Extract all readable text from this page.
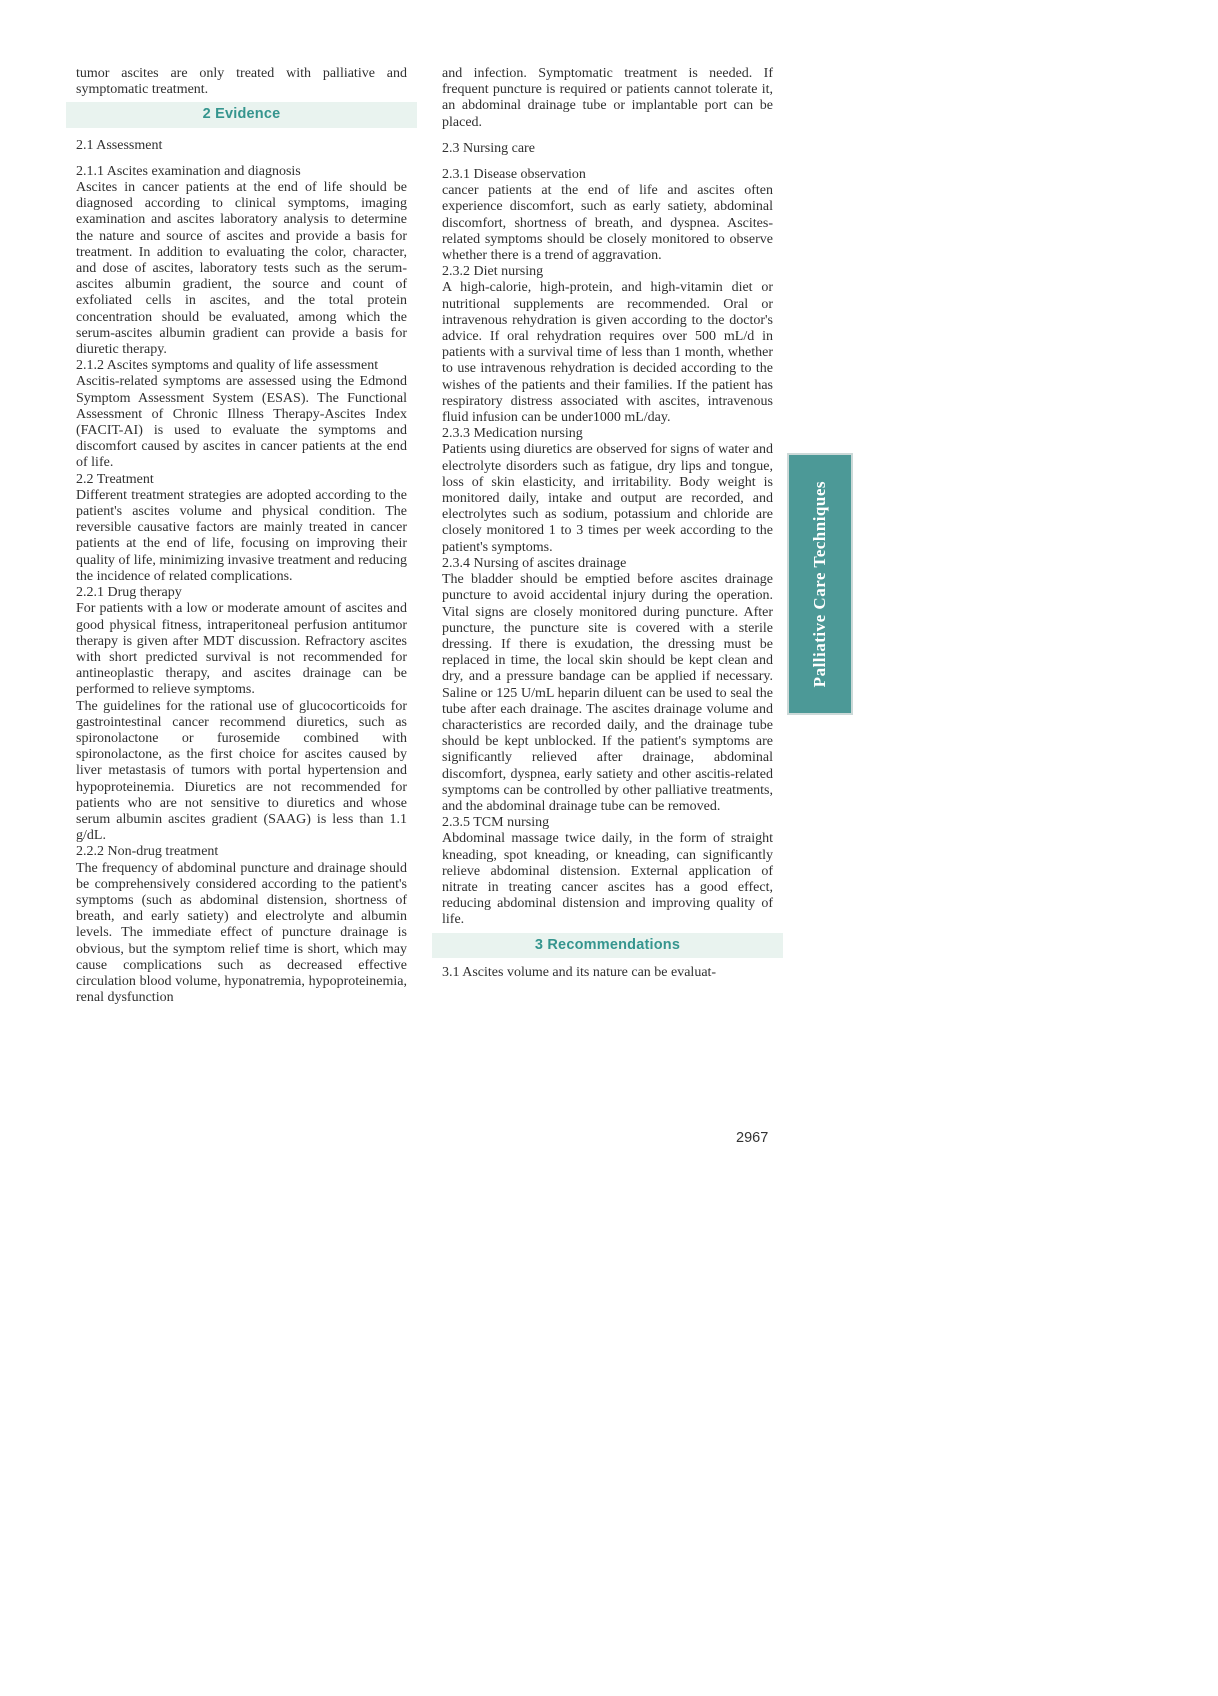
tumor ascites are only treated with palliative and symptomatic treatment.
2 Evidence
2.1 Assessment
2.1.1 Ascites examination and diagnosis
Ascites in cancer patients at the end of life should be diagnosed according to clinical symptoms, imaging examination and ascites laboratory analysis to determine the nature and source of ascites and provide a basis for treatment. In addition to evaluating the color, character, and dose of ascites, laboratory tests such as the serum-ascites albumin gradient, the source and count of exfoliated cells in ascites, and the total protein concentration should be evaluated, among which the serum-ascites albumin gradient can provide a basis for diuretic therapy.
2.1.2 Ascites symptoms and quality of life assessment
Ascitis-related symptoms are assessed using the Edmond Symptom Assessment System (ESAS). The Functional Assessment of Chronic Illness Therapy-Ascites Index (FACIT-AI) is used to evaluate the symptoms and discomfort caused by ascites in cancer patients at the end of life.
2.2 Treatment
Different treatment strategies are adopted according to the patient's ascites volume and physical condition. The reversible causative factors are mainly treated in cancer patients at the end of life, focusing on improving their quality of life, minimizing invasive treatment and reducing the incidence of related complications.
2.2.1 Drug therapy
For patients with a low or moderate amount of ascites and good physical fitness, intraperitoneal perfusion antitumor therapy is given after MDT discussion. Refractory ascites with short predicted survival is not recommended for antineoplastic therapy, and ascites drainage can be performed to relieve symptoms.
The guidelines for the rational use of glucocorticoids for gastrointestinal cancer recommend diuretics, such as spironolactone or furosemide combined with spironolactone, as the first choice for ascites caused by liver metastasis of tumors with portal hypertension and hypoproteinemia. Diuretics are not recommended for patients who are not sensitive to diuretics and whose serum albumin ascites gradient (SAAG) is less than 1.1 g/dL.
2.2.2 Non-drug treatment
The frequency of abdominal puncture and drainage should be comprehensively considered according to the patient's symptoms (such as abdominal distension, shortness of breath, and early satiety) and electrolyte and albumin levels. The immediate effect of puncture drainage is obvious, but the symptom relief time is short, which may cause complications such as decreased effective circulation blood volume, hyponatremia, hypoproteinemia, renal dysfunction
and infection. Symptomatic treatment is needed. If frequent puncture is required or patients cannot tolerate it, an abdominal drainage tube or implantable port can be placed.
2.3 Nursing care
2.3.1 Disease observation
cancer patients at the end of life and ascites often experience discomfort, such as early satiety, abdominal discomfort, shortness of breath, and dyspnea. Ascites-related symptoms should be closely monitored to observe whether there is a trend of aggravation.
2.3.2 Diet nursing
A high-calorie, high-protein, and high-vitamin diet or nutritional supplements are recommended. Oral or intravenous rehydration is given according to the doctor's advice. If oral rehydration requires over 500 mL/d in patients with a survival time of less than 1 month, whether to use intravenous rehydration is decided according to the wishes of the patients and their families. If the patient has respiratory distress associated with ascites, intravenous fluid infusion can be under1000 mL/day.
2.3.3 Medication nursing
Patients using diuretics are observed for signs of water and electrolyte disorders such as fatigue, dry lips and tongue, loss of skin elasticity, and irritability. Body weight is monitored daily, intake and output are recorded, and electrolytes such as sodium, potassium and chloride are closely monitored 1 to 3 times per week according to the patient's symptoms.
2.3.4 Nursing of ascites drainage
The bladder should be emptied before ascites drainage puncture to avoid accidental injury during the operation. Vital signs are closely monitored during puncture. After puncture, the puncture site is covered with a sterile dressing. If there is exudation, the dressing must be replaced in time, the local skin should be kept clean and dry, and a pressure bandage can be applied if necessary. Saline or 125 U/mL heparin diluent can be used to seal the tube after each drainage. The ascites drainage volume and characteristics are recorded daily, and the drainage tube should be kept unblocked. If the patient's symptoms are significantly relieved after drainage, abdominal discomfort, dyspnea, early satiety and other ascitis-related symptoms can be controlled by other palliative treatments, and the abdominal drainage tube can be removed.
2.3.5 TCM nursing
Abdominal massage twice daily, in the form of straight kneading, spot kneading, or kneading, can significantly relieve abdominal distension. External application of nitrate in treating cancer ascites has a good effect, reducing abdominal distension and improving quality of life.
3 Recommendations
3.1 Ascites volume and its nature can be evaluat-
Palliative Care Techniques
2967
